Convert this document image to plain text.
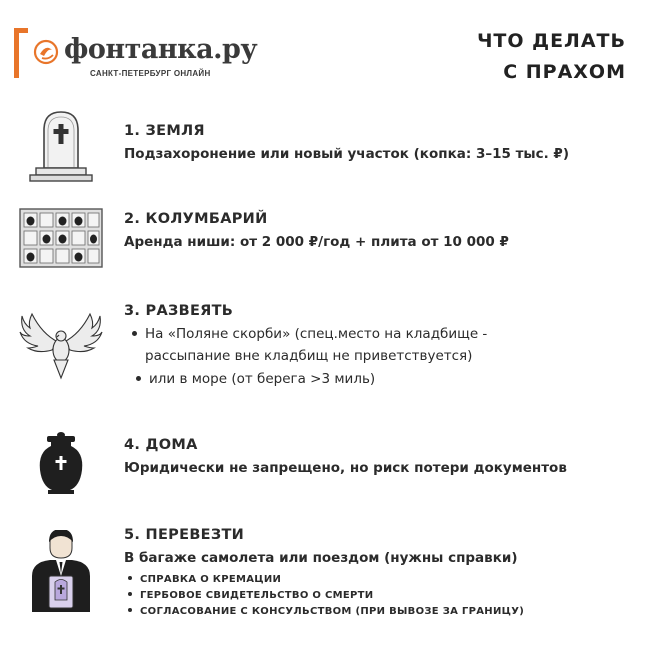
фонтанка.ру
САНКТ-ПЕТЕРБУРГ ОНЛАЙН
ЧТО ДЕЛАТЬ
С ПРАХОМ
1. ЗЕМЛЯ
Подзахоронение или новый участок (копка: 3–15 тыс. ₽)
2. КОЛУМБАРИЙ
Аренда ниши: от 2 000 ₽/год + плита от 10 000 ₽
3. РАЗВЕЯТЬ
На «Поляне скорби» (спец.место на кладбище -
рассыпание вне кладбищ не приветствуется)
или в море (от берега >3 миль)
4. ДОМА
Юридически не запрещено, но риск потери документов
5. ПЕРЕВЕЗТИ
В багаже самолета или поездом (нужны справки)
СПРАВКА О КРЕМАЦИИ
ГЕРБОВОЕ СВИДЕТЕЛЬСТВО О СМЕРТИ
СОГЛАСОВАНИЕ С КОНСУЛЬСТВОМ (ПРИ ВЫВОЗЕ ЗА ГРАНИЦУ)
